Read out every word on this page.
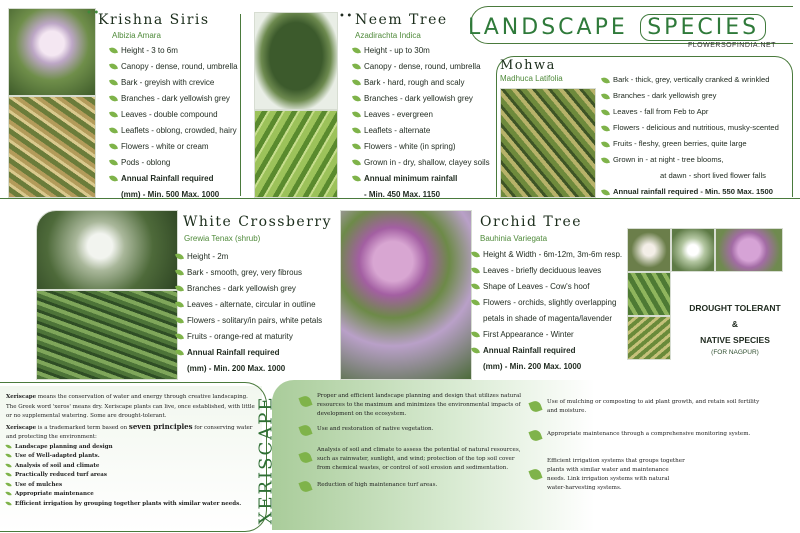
LANDSCAPE SPECIES
FLOWERSOFINDIA.NET
••
Krishna Siris
Albizia Amara
Height - 3 to 6m
Canopy - dense, round, umbrella
Bark - greyish with crevice
Branches - dark yellowish grey
Leaves - double compound
Leaflets - oblong, crowded, hairy
Flowers - white or cream
Pods - oblong
Annual Rainfall required
(mm) - Min. 500 Max. 1000
•• Neem Tree
Azadirachta Indica
Height - up to 30m
Canopy - dense, round, umbrella
Bark - hard, rough and scaly
Branches - dark yellowish grey
Leaves - evergreen
Leaflets - alternate
Flowers - white (in spring)
Grown in - dry, shallow, clayey soils
Annual minimum rainfall
- Min. 450 Max. 1150
Mohwa
Madhuca Latifolia	Bark - thick, grey, vertically cranked & wrinkled
Branches - dark yellowish grey
Leaves - fall from Feb to Apr
Flowers - delicious and nutritious, musky-scented
Fruits - fleshy, green berries, quite large
Grown in - at night - tree blooms,
at dawn - short lived flower falls
Annual rainfall required - Min. 550 Max. 1500
White Crossberry
Grewia Tenax (shrub)
Height - 2m
Bark - smooth, grey, very fibrous
Branches - dark yellowish grey
Leaves - alternate, circular in outline
Flowers - solitary/in pairs, white petals
Fruits - orange-red at maturity
Annual Rainfall required
(mm) - Min. 200 Max. 1000
Orchid Tree
Bauhinia Variegata
Height & Width - 6m-12m, 3m-6m resp.
Leaves - briefly deciduous leaves
Shape of Leaves - Cow's hoof
Flowers - orchids, slightly overlapping
petals in shade of magenta/lavender
First Appearance - Winter
Annual Rainfall required
(mm) - Min. 200 Max. 1000
DROUGHT TOLERANT
&
NATIVE SPECIES
(FOR NAGPUR)
Xeriscape means the conservation of water and energy through creative landscaping.
The Greek word 'xeros' means dry. Xeriscape plants can live, once established, with little
or no supplemental watering. Some are drought-tolerant.
Xeriscape is a trademarked term based on seven principles for conserving water
and protecting the environment:
Landscape planning and design
Use of Well-adapted plants.
Analysis of soil and climate
Practically reduced turf areas
Use of mulches
Appropriate maintenance
Efficient irrigation by grouping together plants with similar water needs. XERISCAPE	Proper and efficient landscape planning and design that utilizes natural
resources to the maximum and minimizes the environmental impacts of
development on the ecosystem.
Use and restoration of native vegetation.
Analysis of soil and climate to assess the potential of natural resources,
such as rainwater, sunlight, and wind; protection of the top soil cover
from chemical wastes, or control of soil erosion and sedimentation.
Reduction of high maintenance turf areas.
Use of mulching or composting to aid plant growth, and retain soil fertility
and moisture.
Appropriate maintenance through a comprehensive monitoring system.
Efficient irrigation systems that groups together
plants with similar water and maintenance
needs. Link irrigation systems with natural
water-harvesting systems.
